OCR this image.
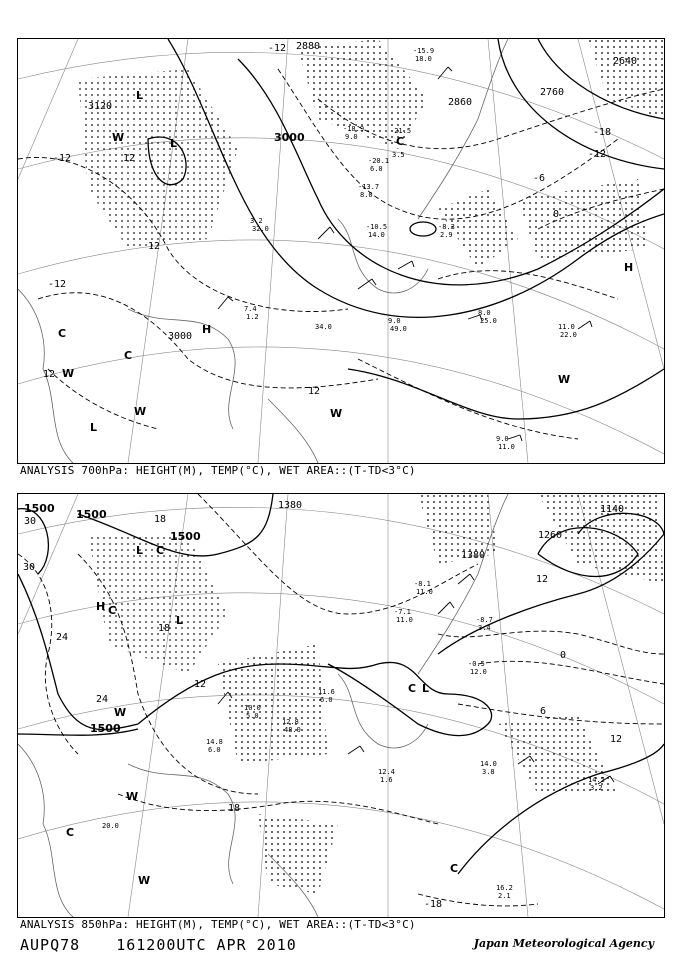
3120
3000
2880
2860
2760
2640
3000
-12
-12
-18
-12
-6
0
12
12
12
-12
12
L
L
L
H
H
C
C
C
W
W
W	W
W
-15.9
18.0
-18.9
9.0
-21.5
3.5
-20.1
6.0
-13.7
8.0
-10.5	-8.3
14.0	2.9
34.0	11.0
22.0
9.0
49.0
8.0
25.0
9.0
11.0
3.2
32.0
7.4
1.2
ANALYSIS 700hPa: HEIGHT(M), TEMP(°C), WET AREA::(T-TD<3°C)
1500 1500
1500
1500
1380
1260
1140
1380
30
30
24
24
18
18
18
12
12
-18
0
6
12
L
L
L
H C
C
C
C
C
W
W
W
-8.1
11.0
-7.1
11.0	-8.7
3.4
-0.5
12.0
14.0
3.8
14.2
3.2
12.4
1.6
10.0
5.0
16.2
2.1
14.8
6.0
12.8
48.0
11.6
6.0
20.0
ANALYSIS 850hPa: HEIGHT(M), TEMP(°C), WET AREA::(T-TD<3°C)
AUPQ78 161200UTC APR 2010	Japan Meteorological Agency
